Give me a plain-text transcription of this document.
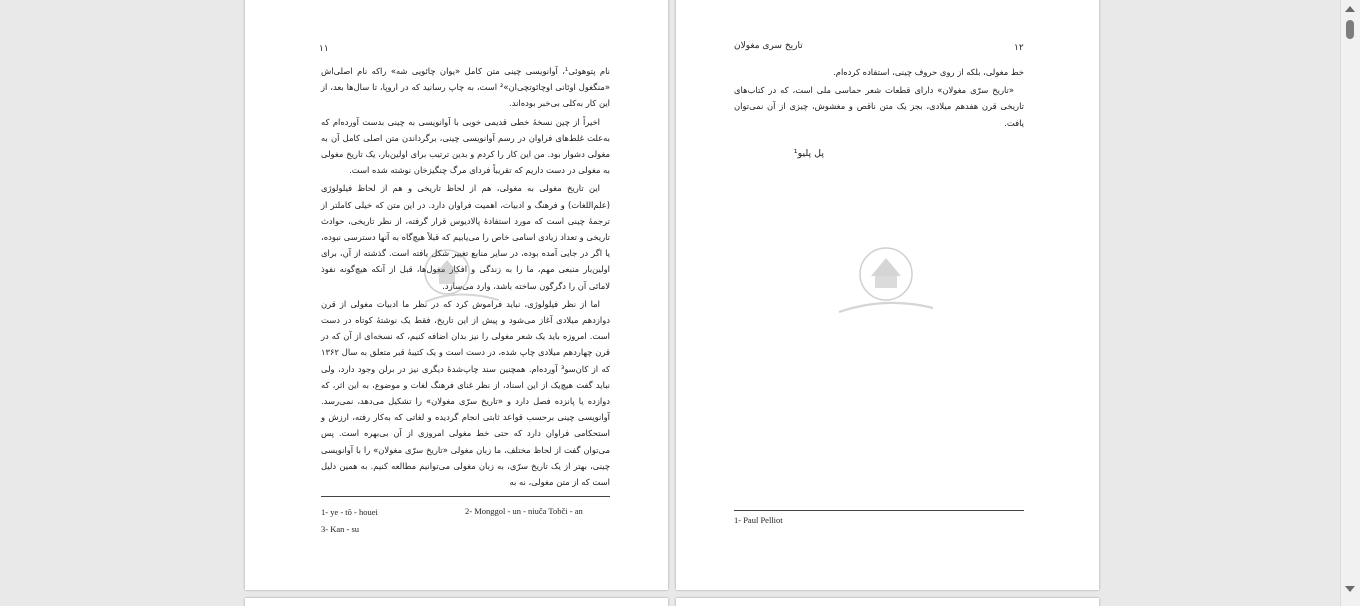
۱۱

نام پتوهوئی¹، آوانویسی چینی متن کامل «یوان چائویی شه» راکه نام اصلی‌اش «منگغول اوئانی اوچائوتچی‌ان»² است، به چاپ رسانید که در اروپا، تا سال‌ها بعد، از این کار به‌کلی بی‌خبر بوده‌اند.

اخیراً از چین نسخهٔ خطی قدیمی خوبی با آوانویسی به چینی بدست آورده‌ام که به‌علت غلط‌های فراوان در رسم آوانویسی چینی، برگرداندن متن اصلی کامل آن به مغولی دشوار بود. من این کار را کردم و بدین ترتیب برای اولین‌بار، یک تاریخ مغولی به مغولی در دست داریم که تقریباً فردای مرگ چنگیزخان نوشته شده است.

این تاریخ مغولی به مغولی، هم از لحاظ تاریخی و هم از لحاظ فیلولوژی (علم‌اللغات) و فرهنگ و ادبیات، اهمیت فراوان دارد. در این متن که خیلی کاملتر از ترجمهٔ چینی است که مورد استفادهٔ پالادیوس قرار گرفته، از نظر تاریخی، حوادث تاریخی و تعداد زیادی اسامی خاص را می‌یابیم که قبلاً هیچ‌گاه به آنها دسترسی نبوده، یا اگر در جایی آمده بوده، در سایر منابع تغییر شکل یافته است. گذشته از آن، برای اولین‌بار منبعی مهم، ما را به زندگی و افکار مغول‌ها، قبل از آنکه هیچ‌گونه نفوذ لامائی آن را دگرگون ساخته باشد، وارد می‌سازد.

اما از نظر فیلولوژی، نباید فراموش کرد که در نظر ما ادبیات مغولی از قرن دوازدهم میلادی آغاز می‌شود و پیش از این تاریخ، فقط یک نوشتهٔ کوتاه در دست است. امروزه باید یک شعر مغولی را نیز بدان اضافه کنیم، که نسخه‌ای از آن که در قرن چهاردهم میلادی چاپ شده، در دست است و یک کتیبهٔ قبر متعلق به سال ۱۳۶۲ که از کان‌سو³ آورده‌ام. همچنین سند چاپ‌شدهٔ دیگری نیز در برلن وجود دارد، ولی نباید گفت هیچ‌یک از این اسناد، از نظر غنای فرهنگ لغات و موضوع، به این اثر، که دوازده یا پانزده فصل دارد و «تاریخ سرّی مغولان» را تشکیل می‌دهد، نمی‌رسد. آوانویسی چینی برحسب قواعد ثابتی انجام گردیده و لغاتی که به‌کار رفته، ارزش و استحکامی فراوان دارد که حتی خط مغولی امروزی از آن بی‌بهره است. پس می‌توان گفت از لحاظ مختلف، ما زبان مغولی «تاریخ سرّی مغولان» را با آوانویسی چینی، بهتر از یک تاریخ سرّی، به زبان مغولی می‌توانیم مطالعه کنیم. به همین دلیل است که از متن مغولی، نه به

1- ye - tō - houei	2- Monggol - un - niuča Tobči - an
3- Kan - su
تاریخ سری مغولان	۱۲

خط مغولی، بلکه از روی حروف چینی، استفاده کرده‌ام.

«تاریخ سرّی مغولان» دارای قطعات شعر حماسی ملی است، که در کتاب‌های تاریخی قرن هفدهم میلادی، بجز یک متن ناقص و مغشوش، چیزی از آن نمی‌توان یافت.

پل پلیو¹
1- Paul Pelliot
